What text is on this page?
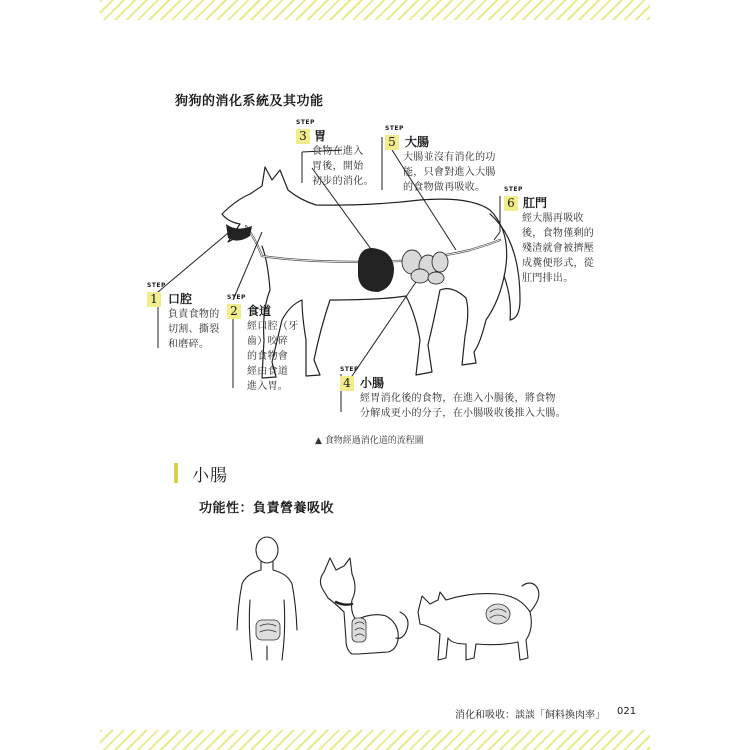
狗狗的消化系統及其功能
STEP
1 口腔
負責食物的
切割、撕裂
和磨碎。
STEP
2 食道
經口腔（牙
齒）咬碎
的食物會
經由食道
進入胃。
STEP
3 胃
食物在進入
胃後，開始
初步的消化。
STEP
5 大腸
大腸並沒有消化的功
能，只會對進入大腸
的食物做再吸收。	STEP
6 肛門
經大腸再吸收
後，食物僅剩的
殘渣就會被擠壓
成糞便形式，從
肛門排出。
STEP
4 小腸
經胃消化後的食物，在進入小腸後，將食物
分解成更小的分子，在小腸吸收後推入大腸。
▲ 食物經過消化道的流程圖
小腸
功能性：負責營養吸收
消化和吸收：談談「飼料換肉率」 021
